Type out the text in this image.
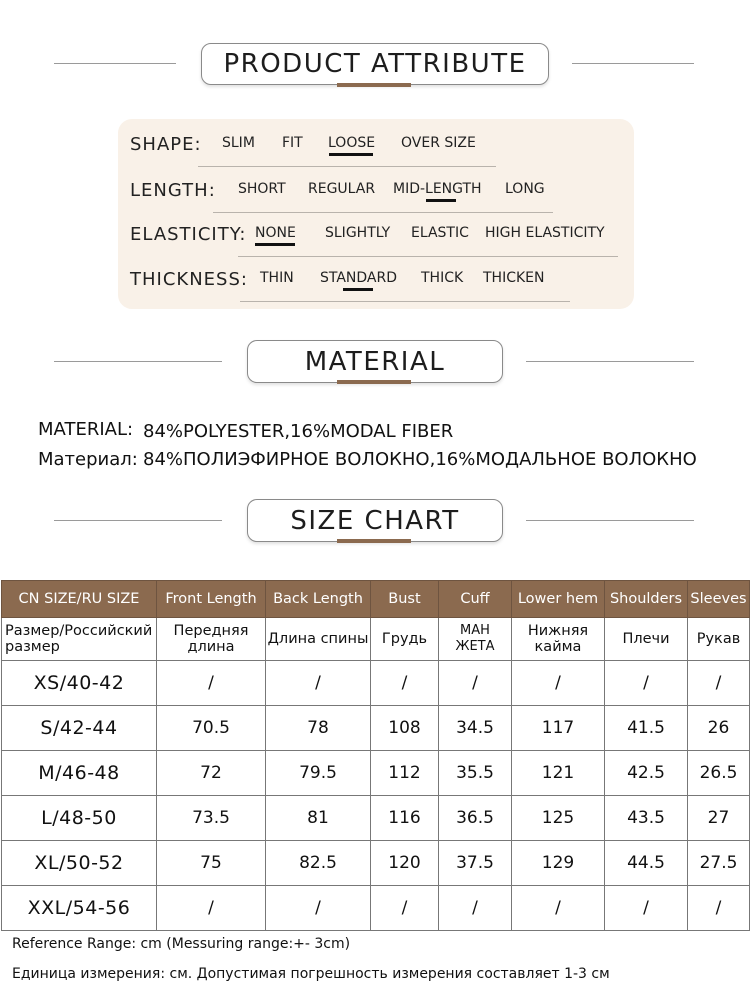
PRODUCT ATTRIBUTE
SHAPE: SLIM FIT LOOSE OVER SIZE
LENGTH: SHORT REGULAR MID-LENGTH LONG
ELASTICITY: NONE SLIGHTLY ELASTIC HIGH ELASTICITY
THICKNESS: THIN STANDARD THICK THICKEN
MATERIAL
MATERIAL: 84%POLYESTER,16%MODAL FIBER
Материал: 84%ПОЛИЭФИРНОЕ ВОЛОКНО,16%МОДАЛЬНОЕ ВОЛОКНО
SIZE CHART
CN SIZE/RU SIZE	Front Length	Back Length	Bust	Cuff	Lower hem	Shoulders	Sleeves
Размер/Российский размер	Передняя длина	Длина спины	Грудь	МАН ЖЕТА	Нижняя кайма	Плечи	Рукав
XS/40-42	/	/	/	/	/	/	/
S/42-44	70.5	78	108	34.5	117	41.5	26
M/46-48	72	79.5	112	35.5	121	42.5	26.5
L/48-50	73.5	81	116	36.5	125	43.5	27
XL/50-52	75	82.5	120	37.5	129	44.5	27.5
XXL/54-56	/	/	/	/	/	/	/
Reference Range: cm (Messuring range:+- 3cm)
Единица измерения: см. Допустимая погрешность измерения составляет 1-3 см
